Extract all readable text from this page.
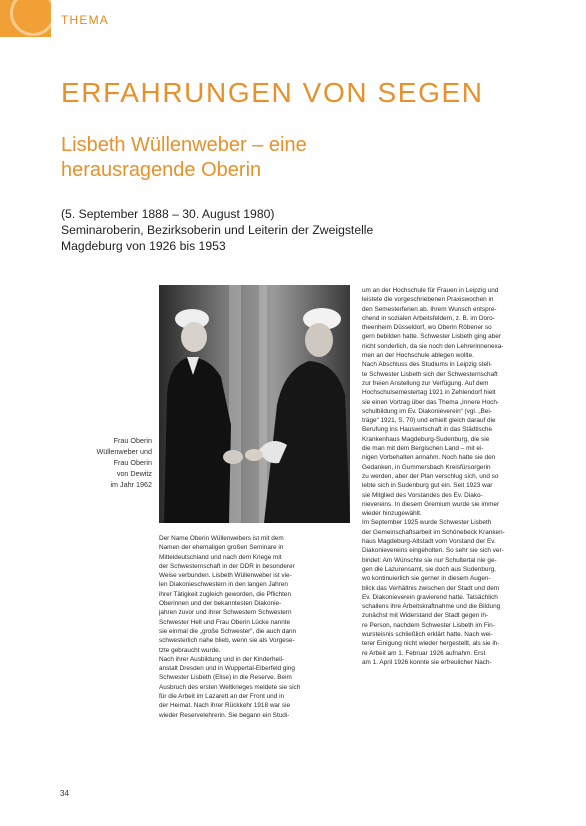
THEMA
ERFAHRUNGEN VON SEGEN
Lisbeth Wüllenweber – eine
herausragende Oberin
(5. September 1888 – 30. August 1980)
Seminaroberin, Bezirksoberin und Leiterin der Zweigstelle
Magdeburg von 1926 bis 1953
Frau Oberin
Wüllenweber und
Frau Oberin
von Dewitz
im Jahr 1962
Der Name Oberin Wüllenwebers ist mit dem
Namen der ehemaligen großen Seminare in
Mitteldeutschland und nach dem Kriege mit
der Schwesternschaft in der DDR in besonderer
Weise verbunden. Lisbeth Wüllenweber ist vie-
len Diakonieschwestern in den langen Jahren
ihrer Tätigkeit zugleich geworden, die Pflichten
Oberinnen und der bekanntesten Diakonie-
jahren zuvor und ihrer Schwestern Schwestern
Schwester Hell und Frau Oberin Lücke nannte
sie einmal die „große Schwester“, die auch dann
schwesterlich nahe blieb, wenn sie als Vorgese-
tzte gebraucht wurde.
Nach ihrer Ausbildung und in der Kinderheil-
anstalt Dresden und in Wuppertal-Elberfeld ging
Schwester Lisbeth (Elise) in die Reserve. Beim
Ausbruch des ersten Weltkrieges meldete sie sich
für die Arbeit im Lazarett an der Front und in
der Heimat. Nach ihrer Rückkehr 1918 war sie
wieder Reservelehrerin. Sie begann ein Studi-
um an der Hochschule für Frauen in Leipzig und
leistete die vorgeschriebenen Praxiswochen in
den Semesterferien ab. Ihrem Wunsch entspre-
chend in sozialen Arbeitsfeldern, z. B. im Doro-
theenheim Düsseldorf, wo Oberin Röbener so
gern bebilden hatte. Schwester Lisbeth ging aber
nicht sonderlich, da sie noch den Lehrerinnenexa-
men an der Hochschule ablegen wollte.
Nach Abschluss des Studiums in Leipzig stell-
te Schwester Lisbeth sich der Schwesternschaft
zur freien Anstellung zur Verfügung. Auf dem
Hochschulsemestertag 1921 in Zehlendorf hielt
sie einen Vortrag über das Thema „Innere Hoch-
schulbildung im Ev. Diakonieverein“ (vgl. „Bei-
träge“ 1921, S. 70) und erhielt gleich darauf die
Berufung ins Hauswirtschaft in das Städtische
Krankenhaus Magdeburg-Sudenburg, die sie
die man mit dem Bergischen Land – mit ei-
nigen Vorbehalten annahm. Noch hatte sie den
Gedanken, in Gummersbach Kreisfürsorgerin
zu werden, aber der Plan verschlug sich, und so
lebte sich in Sudenburg gut ein. Seit 1923 war
sie Mitglied des Vorstandes des Ev. Diako-
nievereins. In diesem Gremium wurde sie immer
wieder hinzugewählt.
Im September 1925 wurde Schwester Lisbeth
der Gemeinschaftsarbeit im Schönebeck Kranken-
haus Magdeburg-Altstadt vom Vorstand der Ev.
Diakonievereins eingeholten. So sehr sie sich ver-
bindet: Am Wünschte sie nur Schultertal nie ge-
gen die Lazurensamt, sie doch aus Sudenburg,
wo kontinuierlich sie gerner in diesem Augen-
blick das Verhältnis zwischen der Stadt und dem
Ev. Diakonieverein gravierend hatte. Tatsächlich
schallens ihre Arbeitskraftnahme und die Bildung
zunächst mit Widerstand der Stadt gegen ih-
re Person, nachdem Schwester Lisbeth im Fin-
wursteisnis schließlich erklärt hatte. Nach wei-
terer Einigung nicht wieder hergestellt, als sie ih-
re Arbeit am 1. Februar 1926 aufnahm. Erst
am 1. April 1926 konnte sie erfreulicher Nach-
34
